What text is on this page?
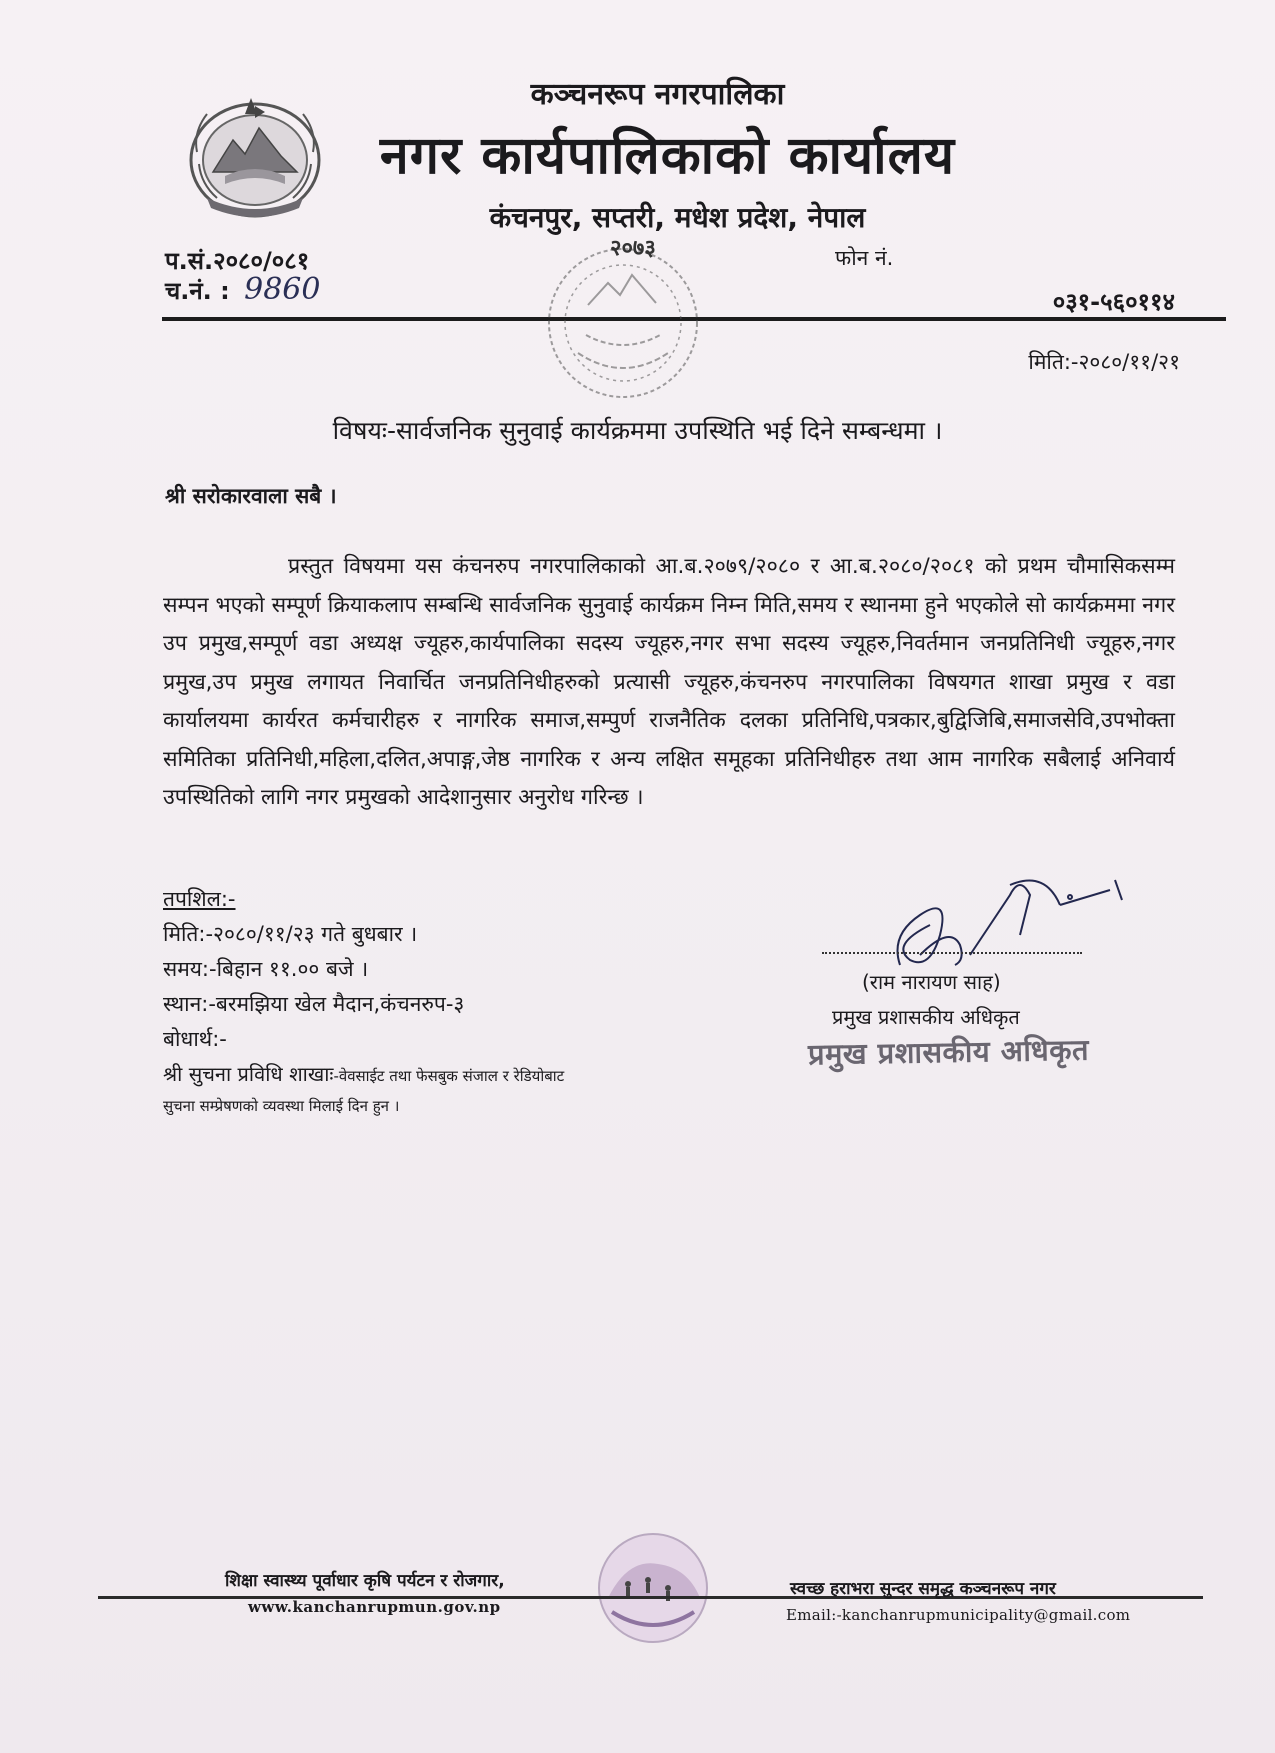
कञ्चनरूप नगरपालिका
नगर कार्यपालिकाको कार्यालय
कंचनपुर, सप्तरी, मधेश प्रदेश, नेपाल
प.सं.२०८०/०८१
च.नं. : 9860
फोन नं.
०३१-५६०११४
२०७३
मिति:-२०८०/११/२१
विषयः-सार्वजनिक सुनुवाई कार्यक्रममा उपस्थिति भई दिने सम्बन्धमा ।
श्री सरोकारवाला सबै ।
प्रस्तुत विषयमा यस कंचनरुप नगरपालिकाको आ.ब.२०७९/२०८० र आ.ब.२०८०/२०८१ को प्रथम चौमासिकसम्म सम्पन भएको सम्पूर्ण क्रियाकलाप सम्बन्धि सार्वजनिक सुनुवाई कार्यक्रम निम्न मिति,समय र स्थानमा हुने भएकोले सो कार्यक्रममा नगर उप प्रमुख,सम्पूर्ण वडा अध्यक्ष ज्यूहरु,कार्यपालिका सदस्य ज्यूहरु,नगर सभा सदस्य ज्यूहरु,निवर्तमान जनप्रतिनिधी ज्यूहरु,नगर प्रमुख,उप प्रमुख लगायत निवार्चित जनप्रतिनिधीहरुको प्रत्यासी ज्यूहरु,कंचनरुप नगरपालिका विषयगत शाखा प्रमुख र वडा कार्यालयमा कार्यरत कर्मचारीहरु र नागरिक समाज,सम्पुर्ण राजनैतिक दलका प्रतिनिधि,पत्रकार,बुद्विजिबि,समाजसेवि,उपभोक्ता समितिका प्रतिनिधी,महिला,दलित,अपाङ्ग,जेष्ठ नागरिक र अन्य लक्षित समूहका प्रतिनिधीहरु तथा आम नागरिक सबैलाई अनिवार्य उपस्थितिको लागि नगर प्रमुखको आदेशानुसार अनुरोध गरिन्छ ।
तपशिल:-
मिति:-२०८०/११/२३ गते बुधबार ।
समय:-बिहान ११.०० बजे ।
स्थान:-बरमझिया खेल मैदान,कंचनरुप-३
बोधार्थ:-
श्री सुचना प्रविधि शाखाः-वेवसाईट तथा फेसबुक संजाल र रेडियोबाट
सुचना सम्प्रेषणको व्यवस्था मिलाई दिन हुन ।
(राम नारायण साह)
प्रमुख प्रशासकीय अधिकृत
प्रमुख प्रशासकीय अधिकृत
शिक्षा स्वास्थ्य पूर्वाधार कृषि पर्यटन र रोजगार,
www.kanchanrupmun.gov.np
स्वच्छ हराभरा सुन्दर समृद्ध कञ्चनरूप नगर
Email:-kanchanrupmunicipality@gmail.com
